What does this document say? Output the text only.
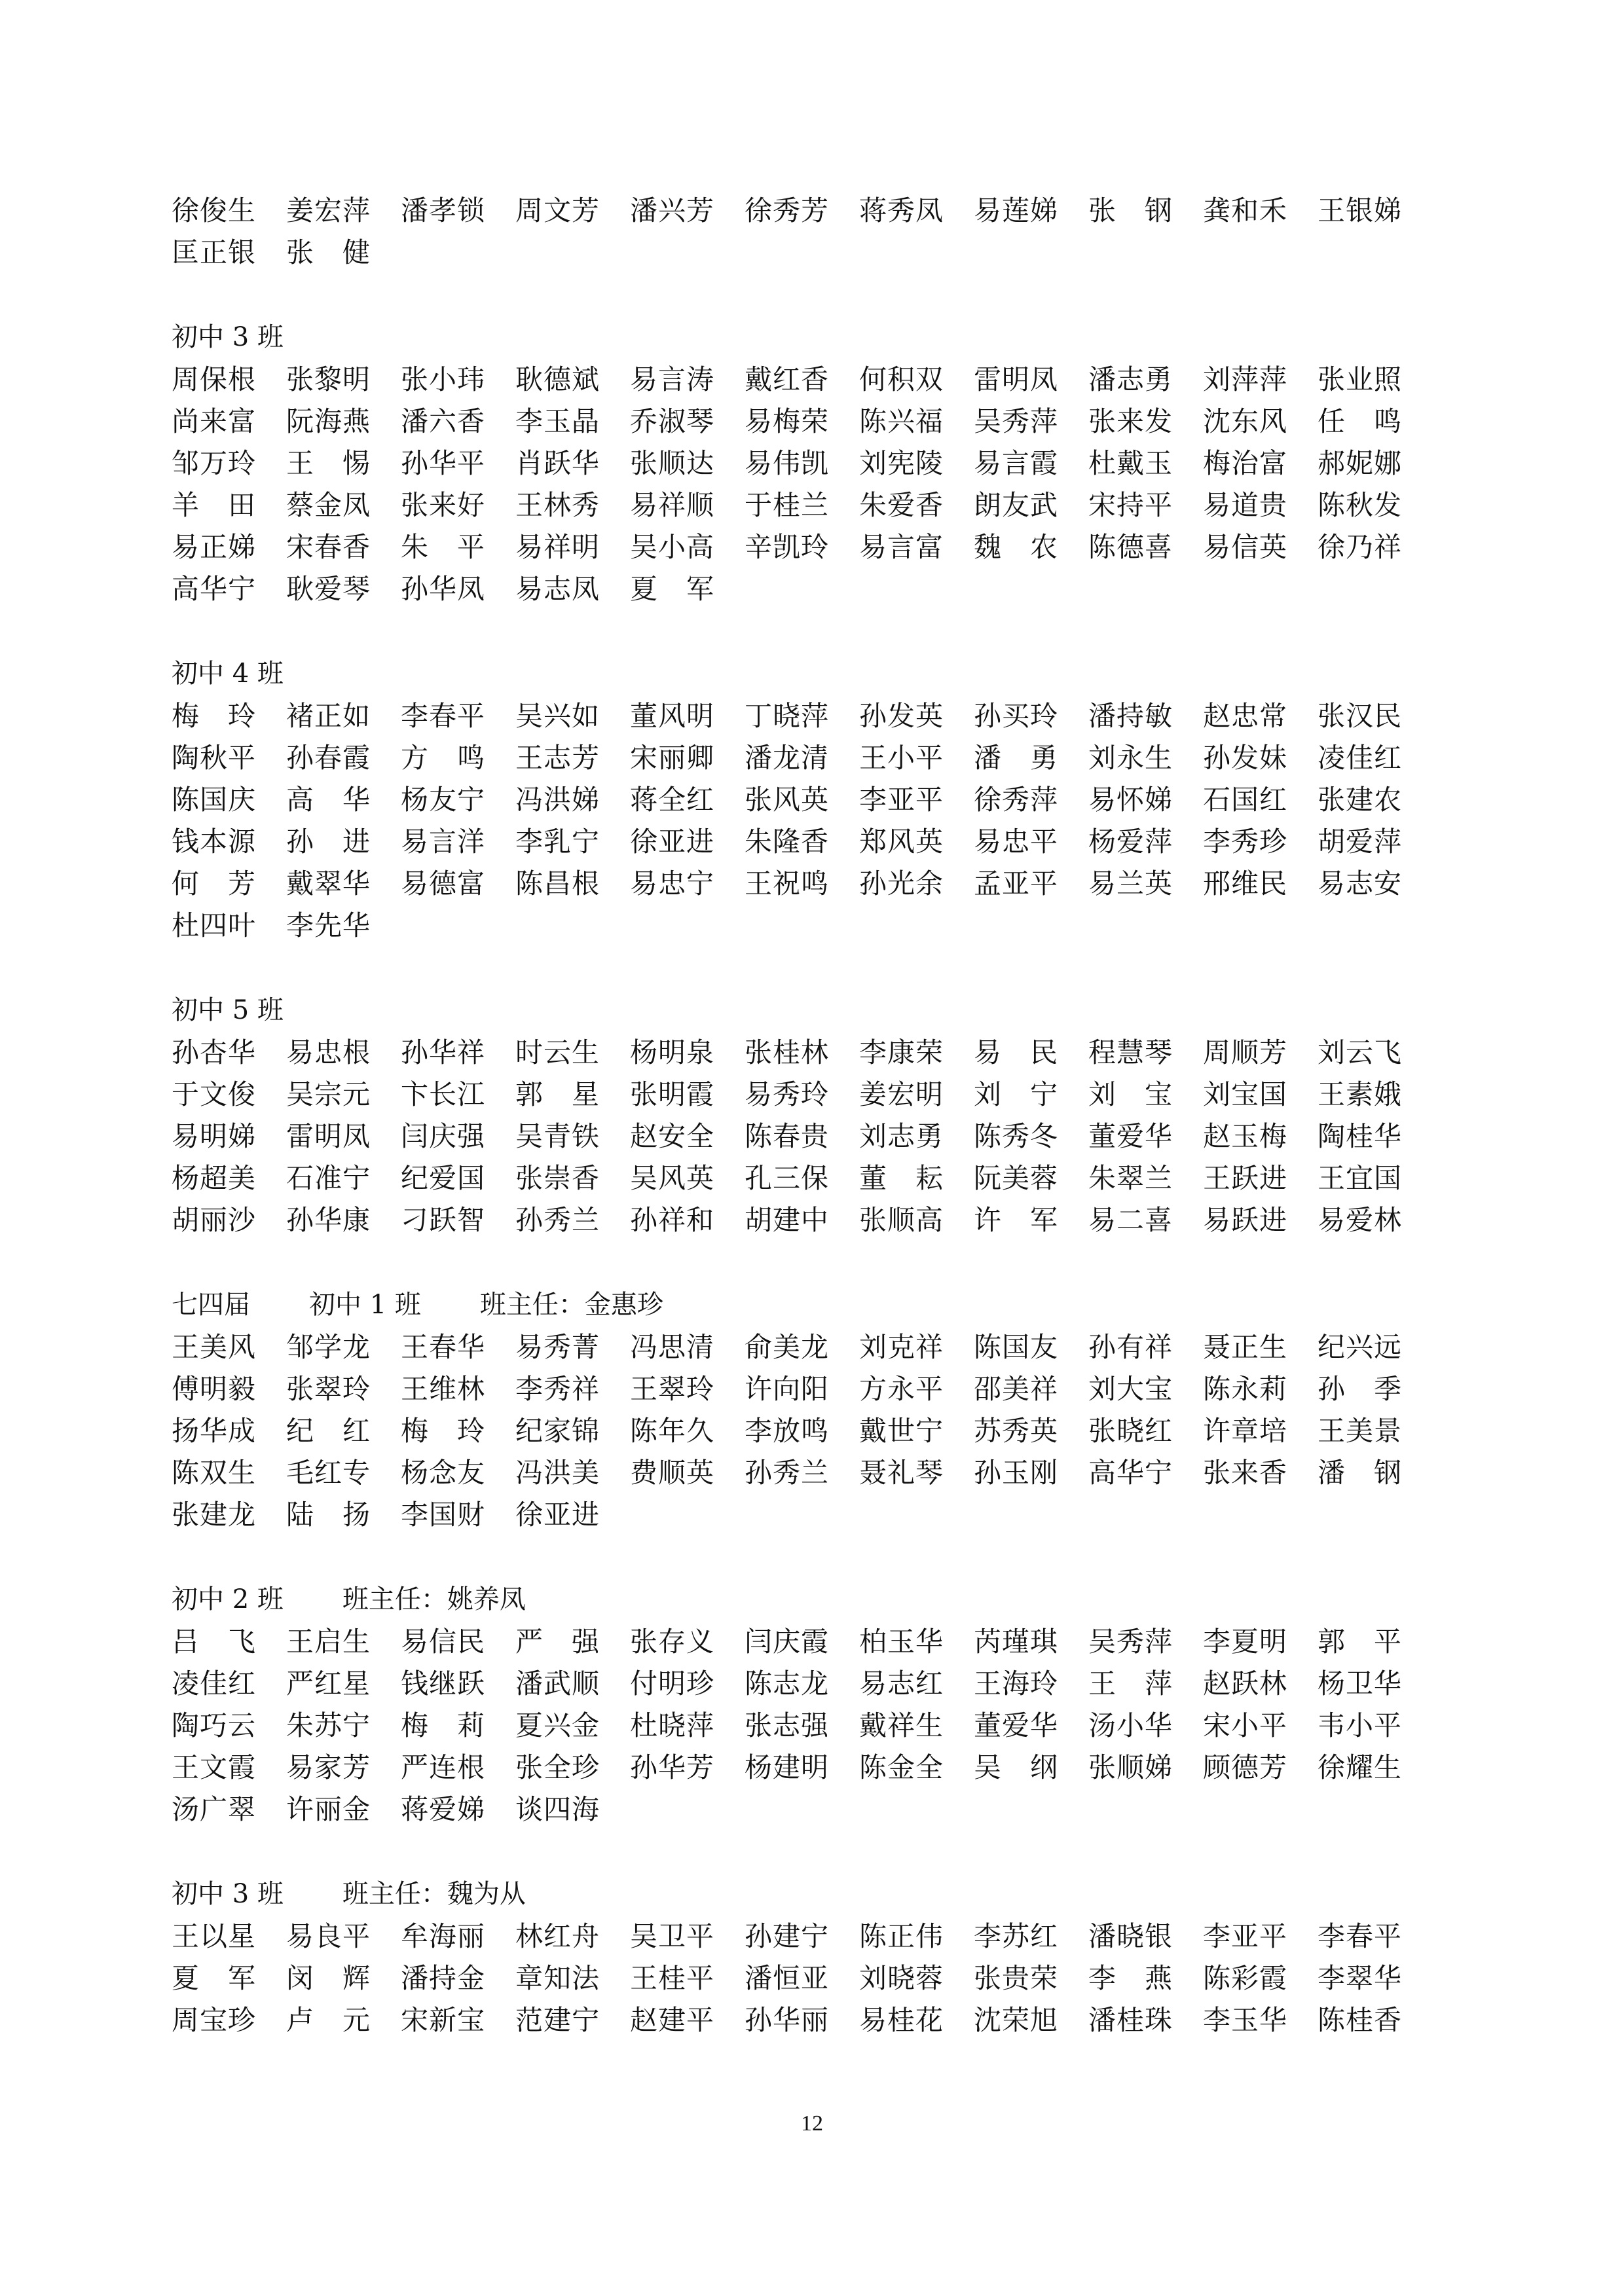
徐俊生	姜宏萍	潘孝锁	周文芳	潘兴芳	徐秀芳	蒋秀凤	易莲娣	张　钢	龚和禾	王银娣
匡正银	张　健
初中 3 班
周保根	张黎明	张小玮	耿德斌	易言涛	戴红香	何积双	雷明凤	潘志勇	刘萍萍	张业照
尚来富	阮海燕	潘六香	李玉晶	乔淑琴	易梅荣	陈兴福	吴秀萍	张来发	沈东风	任　鸣
邹万玲	王　惕	孙华平	肖跃华	张顺达	易伟凯	刘宪陵	易言霞	杜戴玉	梅治富	郝妮娜
羊　田	蔡金凤	张来好	王林秀	易祥顺	于桂兰	朱爱香	朗友武	宋持平	易道贵	陈秋发
易正娣	宋春香	朱　平	易祥明	吴小高	辛凯玲	易言富	魏　农	陈德喜	易信英	徐乃祥
高华宁	耿爱琴	孙华凤	易志凤	夏　军
初中 4 班
梅　玲	褚正如	李春平	吴兴如	董风明	丁晓萍	孙发英	孙买玲	潘持敏	赵忠常	张汉民
陶秋平	孙春霞	方　鸣	王志芳	宋丽卿	潘龙清	王小平	潘　勇	刘永生	孙发妹	凌佳红
陈国庆	高　华	杨友宁	冯洪娣	蒋全红	张风英	李亚平	徐秀萍	易怀娣	石国红	张建农
钱本源	孙　进	易言洋	李乳宁	徐亚进	朱隆香	郑风英	易忠平	杨爱萍	李秀珍	胡爱萍
何　芳	戴翠华	易德富	陈昌根	易忠宁	王祝鸣	孙光余	孟亚平	易兰英	邢维民	易志安
杜四叶	李先华
初中 5 班
孙杏华	易忠根	孙华祥	时云生	杨明泉	张桂林	李康荣	易　民	程慧琴	周顺芳	刘云飞
于文俊	吴宗元	卞长江	郭　星	张明霞	易秀玲	姜宏明	刘　宁	刘　宝	刘宝国	王素娥
易明娣	雷明凤	闫庆强	吴青铁	赵安全	陈春贵	刘志勇	陈秀冬	董爱华	赵玉梅	陶桂华
杨超美	石准宁	纪爱国	张崇香	吴风英	孔三保	董　耘	阮美蓉	朱翠兰	王跃进	王宜国
胡丽沙	孙华康	刁跃智	孙秀兰	孙祥和	胡建中	张顺高	许　军	易二喜	易跃进	易爱林
七四届 初中 1 班 班主任：金惠珍
王美风	邹学龙	王春华	易秀菁	冯思清	俞美龙	刘克祥	陈国友	孙有祥	聂正生	纪兴远
傅明毅	张翠玲	王维林	李秀祥	王翠玲	许向阳	方永平	邵美祥	刘大宝	陈永莉	孙　季
扬华成	纪　红	梅　玲	纪家锦	陈年久	李放鸣	戴世宁	苏秀英	张晓红	许章培	王美景
陈双生	毛红专	杨念友	冯洪美	费顺英	孙秀兰	聂礼琴	孙玉刚	高华宁	张来香	潘　钢
张建龙	陆　扬	李国财	徐亚进
初中 2 班 班主任：姚养凤
吕　飞	王启生	易信民	严　强	张存义	闫庆霞	柏玉华	芮瑾琪	吴秀萍	李夏明	郭　平
凌佳红	严红星	钱继跃	潘武顺	付明珍	陈志龙	易志红	王海玲	王　萍	赵跃林	杨卫华
陶巧云	朱苏宁	梅　莉	夏兴金	杜晓萍	张志强	戴祥生	董爱华	汤小华	宋小平	韦小平
王文霞	易家芳	严连根	张全珍	孙华芳	杨建明	陈金全	吴　纲	张顺娣	顾德芳	徐耀生
汤广翠	许丽金	蒋爱娣	谈四海
初中 3 班 班主任：魏为从
王以星	易良平	牟海丽	林红舟	吴卫平	孙建宁	陈正伟	李苏红	潘晓银	李亚平	李春平
夏　军	闵　辉	潘持金	章知法	王桂平	潘恒亚	刘晓蓉	张贵荣	李　燕	陈彩霞	李翠华
周宝珍	卢　元	宋新宝	范建宁	赵建平	孙华丽	易桂花	沈荣旭	潘桂珠	李玉华	陈桂香
12
